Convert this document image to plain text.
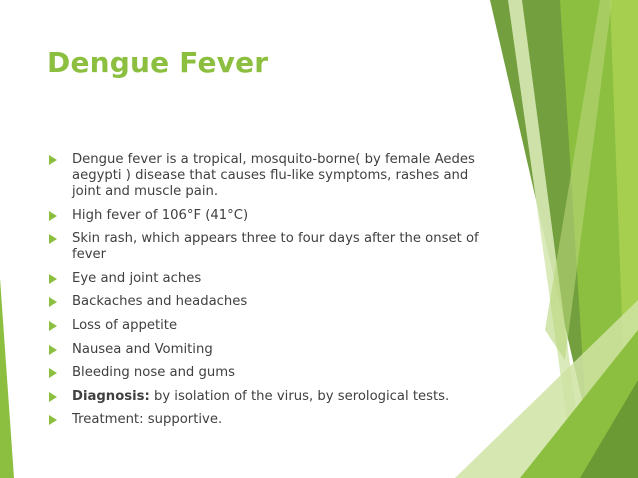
Dengue Fever
Dengue fever is a tropical, mosquito-borne( by female Aedes aegypti ) disease that causes flu-like symptoms, rashes and joint and muscle pain.
High fever of 106°F (41°C)
Skin rash, which appears three to four days after the onset of fever
Eye and joint aches
Backaches and headaches
Loss of appetite
Nausea and Vomiting
Bleeding nose and gums
Diagnosis: by isolation of the virus, by serological tests.
Treatment: supportive.
